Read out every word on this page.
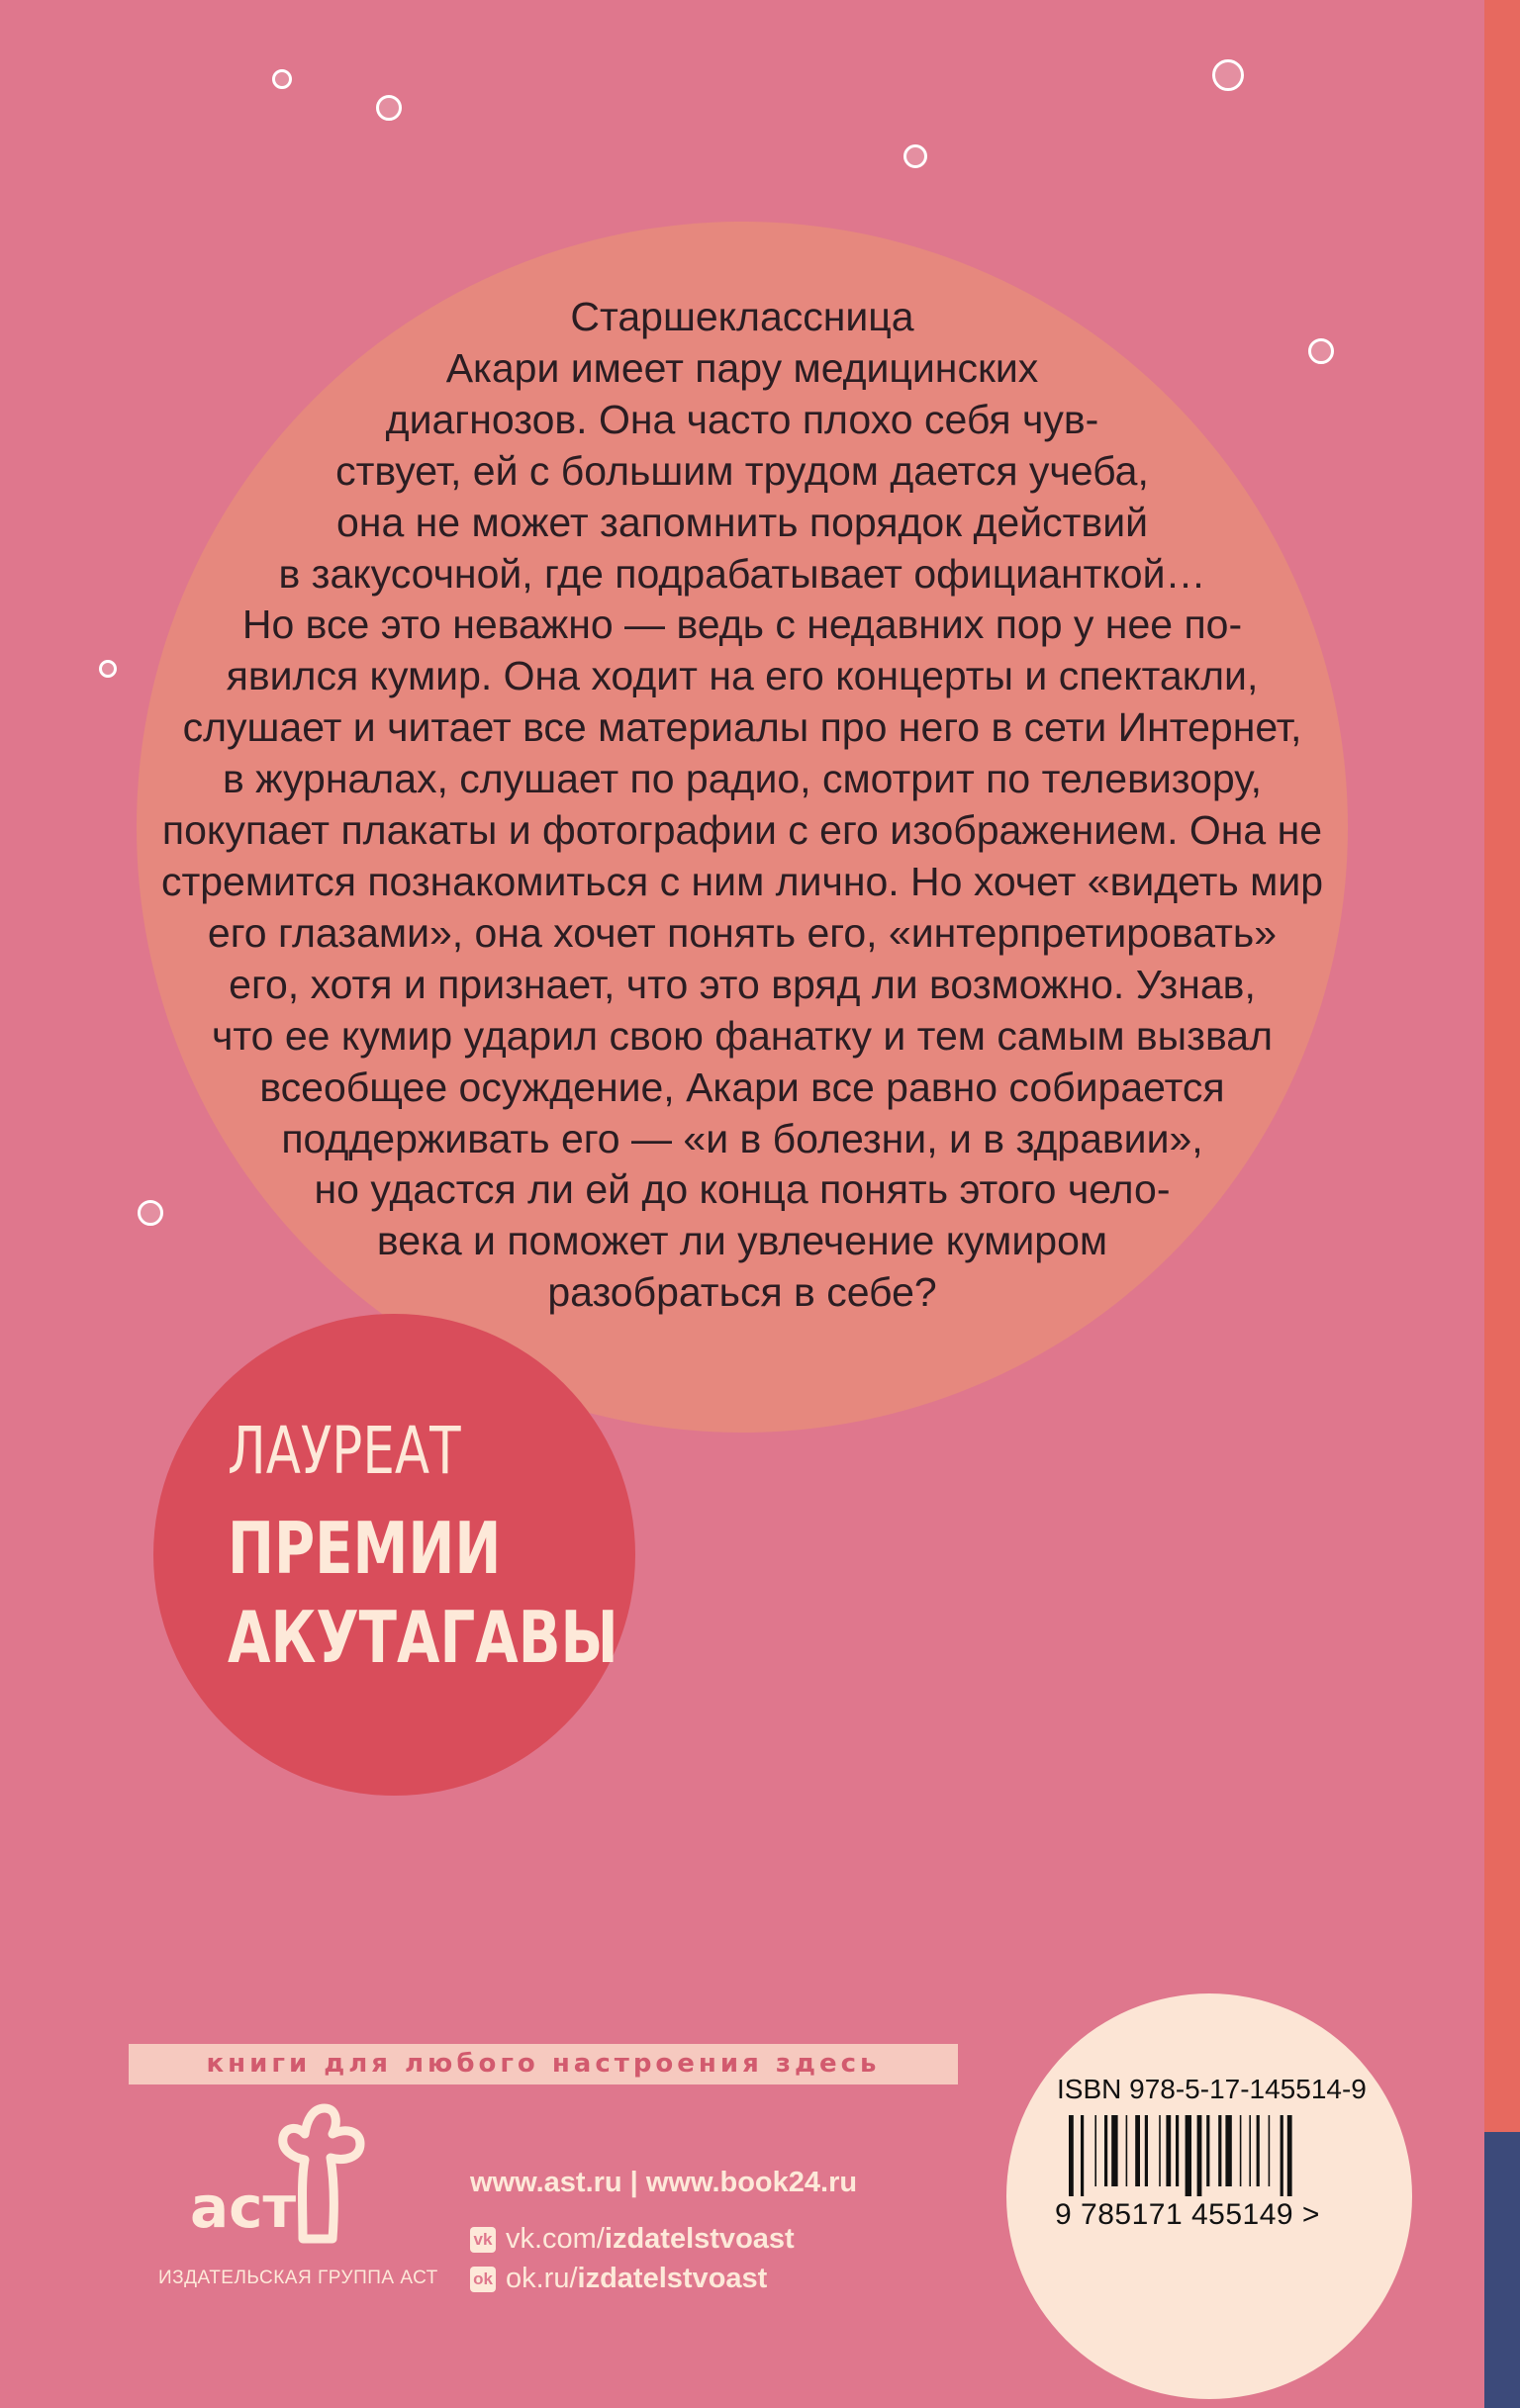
Старшеклассница
Акари имеет пару медицинских
диагнозов. Она часто плохо себя чув-
ствует, ей с большим трудом дается учеба,
она не может запомнить порядок действий
в закусочной, где подрабатывает официанткой…
Но все это неважно — ведь с недавних пор у нее по-
явился кумир. Она ходит на его концерты и спектакли,
слушает и читает все материалы про него в сети Интернет,
в журналах, слушает по радио, смотрит по телевизору,
покупает плакаты и фотографии с его изображением. Она не
стремится познакомиться с ним лично. Но хочет «видеть мир
его глазами», она хочет понять его, «интерпретировать»
его, хотя и признает, что это вряд ли возможно. Узнав,
что ее кумир ударил свою фанатку и тем самым вызвал
всеобщее осуждение, Акари все равно собирается
поддерживать его — «и в болезни, и в здравии»,
но удастся ли ей до конца понять этого чело-
века и поможет ли увлечение кумиром
разобраться в себе?

ЛАУРЕАТ

ПРЕМИИ

АКУТАГАВЫ

книги для любого настроения здесь
аст

ИЗДАТЕЛЬСКАЯ ГРУППА АСТ

www.ast.ru | www.book24.ru

vk vk.com/ izdatelstvoast
ok ok.ru/ izdatelstvoast

ISBN 978-5-17-145514-9

9 785171 455149 >
